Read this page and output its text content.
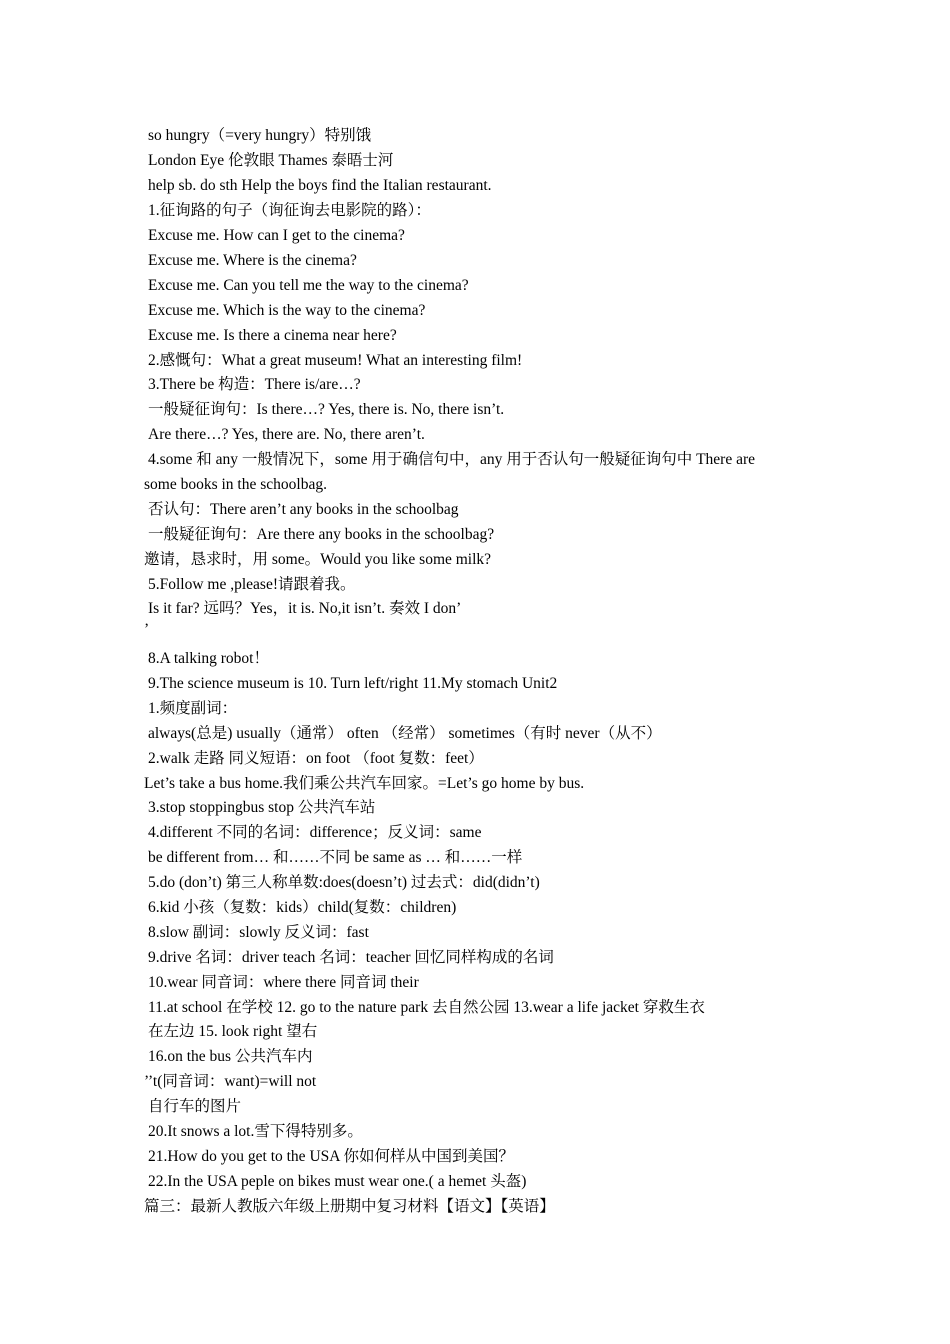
so hungry（=very hungry）特别饿
London Eye 伦敦眼 Thames 泰晤士河
help sb. do sth Help the boys find the Italian restaurant.
1.征询路的句子（询征询去电影院的路）：
Excuse me. How can I get to the cinema?
Excuse me. Where is the cinema?
Excuse me. Can you tell me the way to the cinema?
Excuse me. Which is the way to the cinema?
Excuse me. Is there a cinema near here?
2.感慨句：What a great museum! What an interesting film!
3.There be 构造：There is/are…?
一般疑征询句：Is there…? Yes, there is. No, there isn’t.
Are there…? Yes, there are. No, there aren’t.
4.some 和 any 一般情况下，some 用于确信句中，any 用于否认句一般疑征询句中 There are
some books in the schoolbag.
否认句：There aren’t any books in the schoolbag
一般疑征询句：Are there any books in the schoolbag?
邀请，恳求时，用 some。Would you like some milk?
5.Follow me ,please!请跟着我。
Is it far? 远吗？Yes，it is. No,it isn’t. 奏效 I don’
’
8.A talking robot！
9.The science museum is 10. Turn left/right 11.My stomach Unit2
1.频度副词：
always(总是) usually（通常） often （经常） sometimes（有时 never（从不）
2.walk 走路 同义短语：on foot （foot 复数：feet）
Let’s take a bus home.我们乘公共汽车回家。=Let’s go home by bus.
3.stop stoppingbus stop 公共汽车站
4.different 不同的名词：difference；反义词：same
be different from… 和……不同 be same as … 和……一样
5.do (don’t) 第三人称单数:does(doesn’t) 过去式：did(didn’t)
6.kid 小孩（复数：kids）child(复数：children)
8.slow 副词：slowly 反义词：fast
9.drive 名词：driver teach 名词：teacher 回忆同样构成的名词
10.wear 同音词：where there 同音词 their
11.at school 在学校 12. go to the nature park 去自然公园 13.wear a life jacket 穿救生衣
在左边 15. look right 望右
16.on the bus 公共汽车内
’’t(同音词：want)=will not
自行车的图片
20.It snows a lot.雪下得特别多。
21.How do you get to the USA 你如何样从中国到美国？
22.In the USA peple on bikes must wear one.( a hemet 头盔)
篇三：最新人教版六年级上册期中复习材料【语文】【英语】
